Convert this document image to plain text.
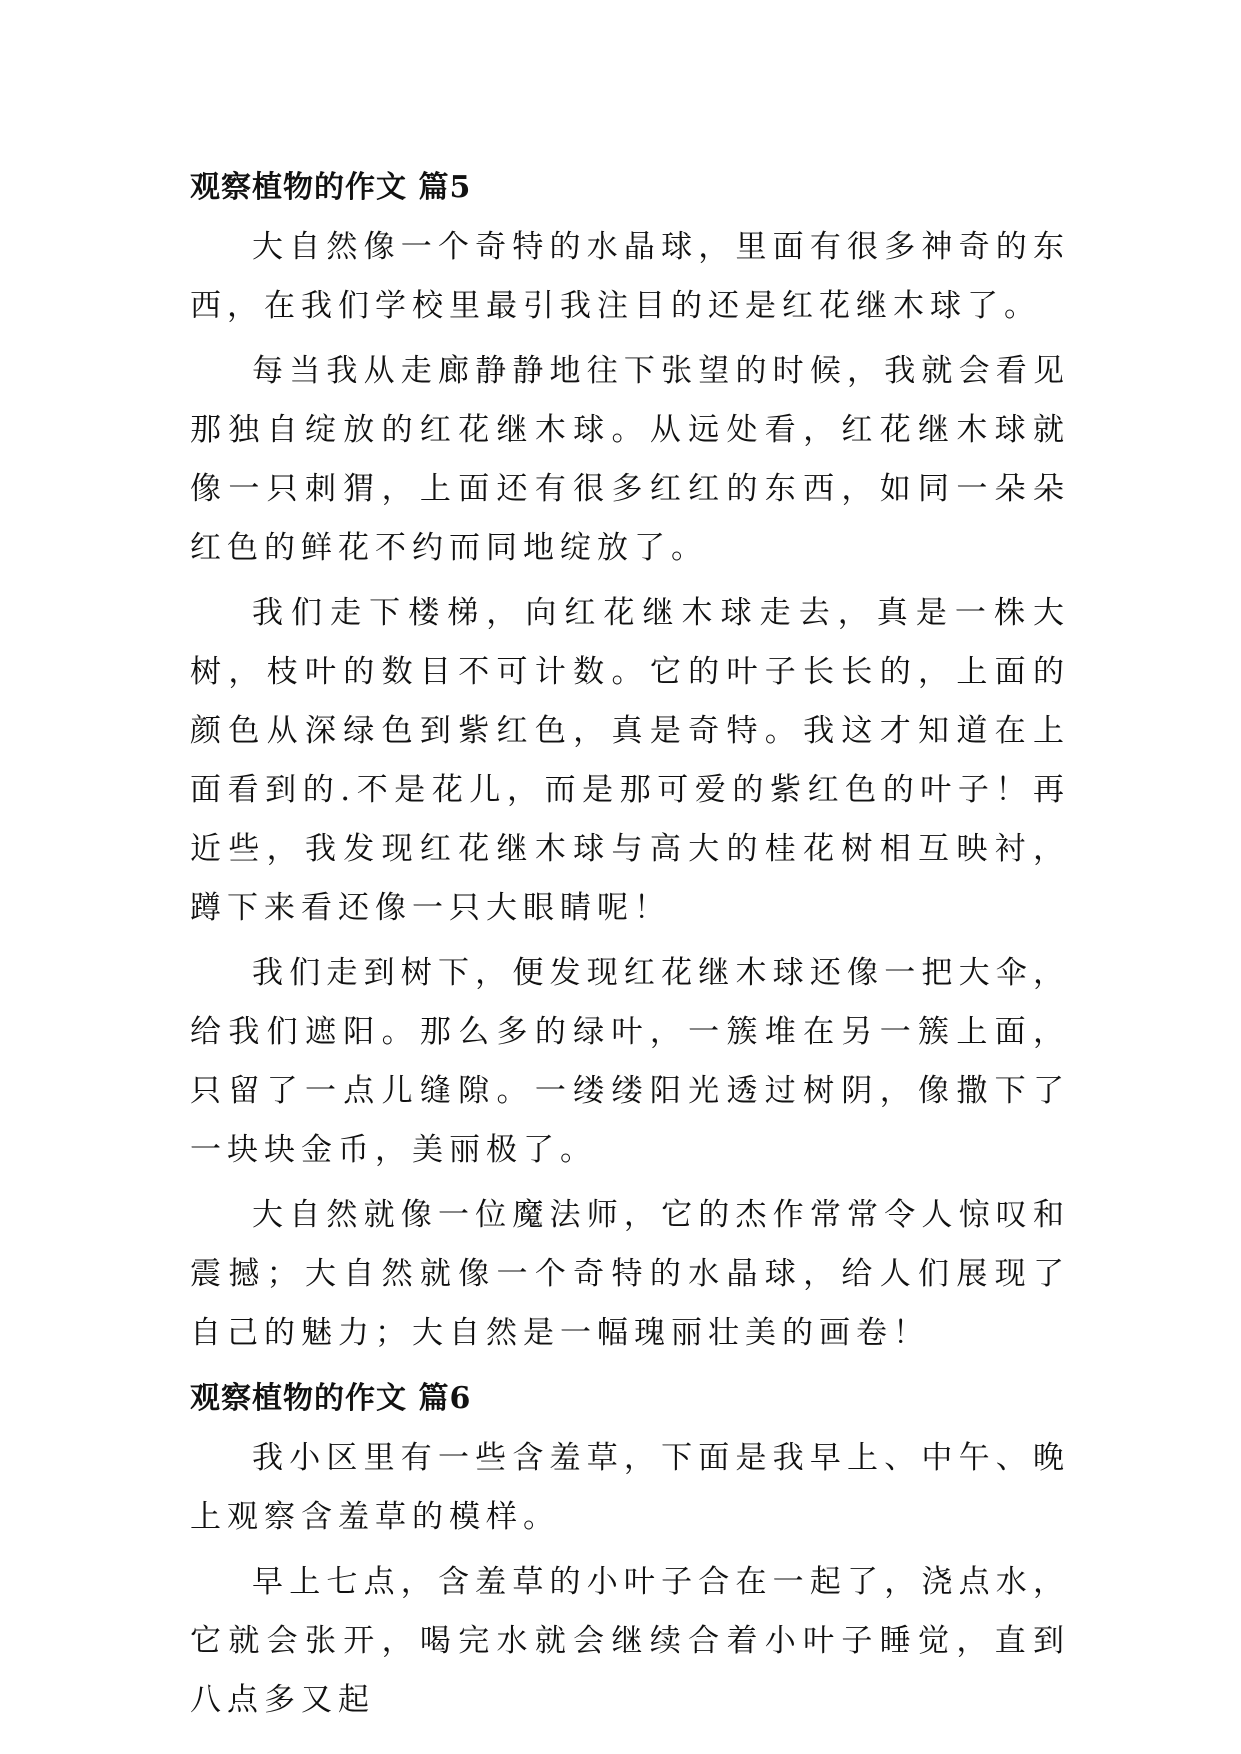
观察植物的作文 篇5

大自然像一个奇特的水晶球，里面有很多神奇的东西，在我们学校里最引我注目的还是红花继木球了。

每当我从走廊静静地往下张望的时候，我就会看见那独自绽放的红花继木球。从远处看，红花继木球就像一只刺猬，上面还有很多红红的东西，如同一朵朵红色的鲜花不约而同地绽放了。

我们走下楼梯，向红花继木球走去，真是一株大树，枝叶的数目不可计数。它的叶子长长的，上面的颜色从深绿色到紫红色，真是奇特。我这才知道在上面看到的.不是花儿，而是那可爱的紫红色的叶子！再近些，我发现红花继木球与高大的桂花树相互映衬，蹲下来看还像一只大眼睛呢！

我们走到树下，便发现红花继木球还像一把大伞，给我们遮阳。那么多的绿叶，一簇堆在另一簇上面，只留了一点儿缝隙。一缕缕阳光透过树阴，像撒下了一块块金币，美丽极了。

大自然就像一位魔法师，它的杰作常常令人惊叹和震撼；大自然就像一个奇特的水晶球，给人们展现了自己的魅力；大自然是一幅瑰丽壮美的画卷！

观察植物的作文 篇6

我小区里有一些含羞草，下面是我早上、中午、晚上观察含羞草的模样。

早上七点，含羞草的小叶子合在一起了，浇点水，它就会张开，喝完水就会继续合着小叶子睡觉，直到八点多又起
